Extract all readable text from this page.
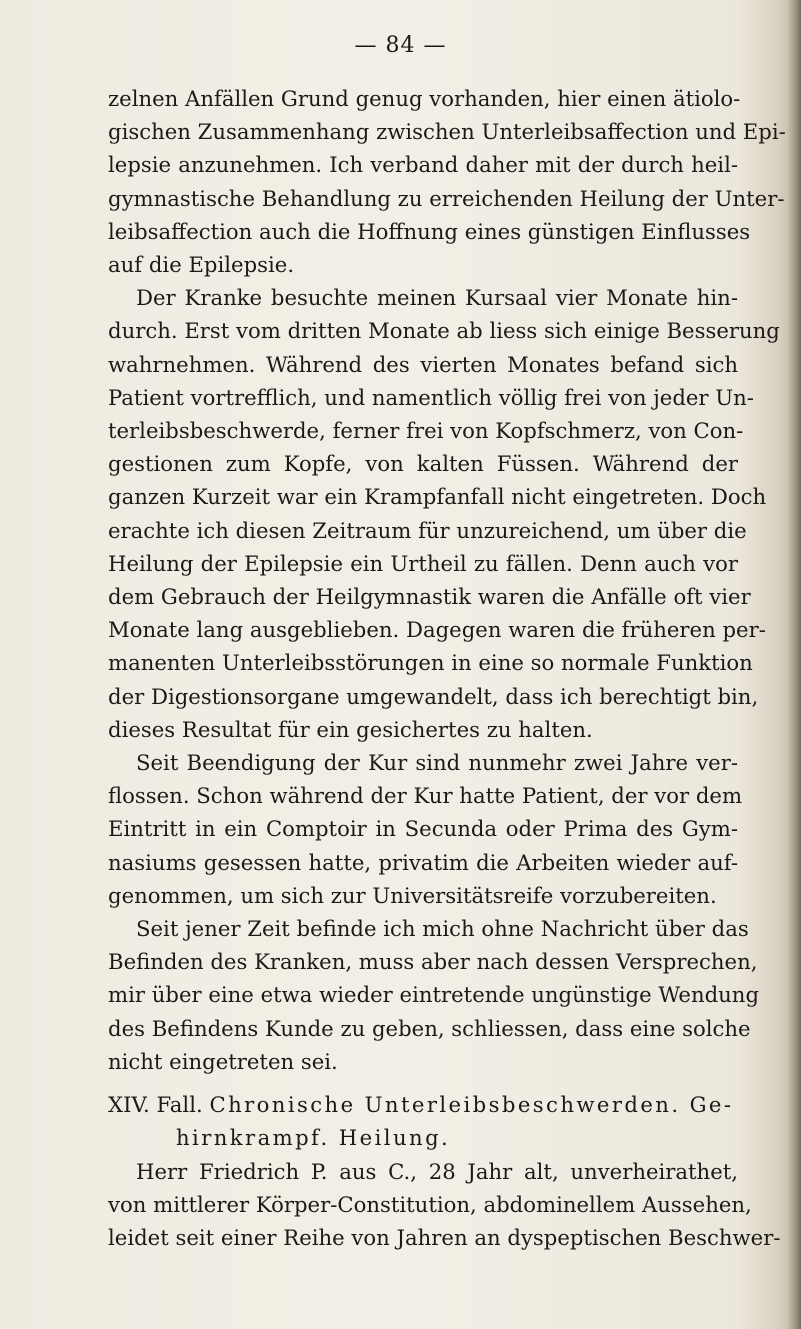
— 84 —
zelnen Anfällen Grund genug vorhanden, hier einen ätiolo-
gischen Zusammenhang zwischen Unterleibsaffection und Epi-
lepsie anzunehmen. Ich verband daher mit der durch heil-
gymnastische Behandlung zu erreichenden Heilung der Unter-
leibsaffection auch die Hoffnung eines günstigen Einflusses
auf die Epilepsie.
Der Kranke besuchte meinen Kursaal vier Monate hin-
durch. Erst vom dritten Monate ab liess sich einige Besserung
wahrnehmen. Während des vierten Monates befand sich
Patient vortrefflich, und namentlich völlig frei von jeder Un-
terleibsbeschwerde, ferner frei von Kopfschmerz, von Con-
gestionen zum Kopfe, von kalten Füssen. Während der
ganzen Kurzeit war ein Krampfanfall nicht eingetreten. Doch
erachte ich diesen Zeitraum für unzureichend, um über die
Heilung der Epilepsie ein Urtheil zu fällen. Denn auch vor
dem Gebrauch der Heilgymnastik waren die Anfälle oft vier
Monate lang ausgeblieben. Dagegen waren die früheren per-
manenten Unterleibsstörungen in eine so normale Funktion
der Digestionsorgane umgewandelt, dass ich berechtigt bin,
dieses Resultat für ein gesichertes zu halten.
Seit Beendigung der Kur sind nunmehr zwei Jahre ver-
flossen. Schon während der Kur hatte Patient, der vor dem
Eintritt in ein Comptoir in Secunda oder Prima des Gym-
nasiums gesessen hatte, privatim die Arbeiten wieder auf-
genommen, um sich zur Universitätsreife vorzubereiten.
Seit jener Zeit befinde ich mich ohne Nachricht über das
Befinden des Kranken, muss aber nach dessen Versprechen,
mir über eine etwa wieder eintretende ungünstige Wendung
des Befindens Kunde zu geben, schliessen, dass eine solche
nicht eingetreten sei.
XIV. Fall. Chronische Unterleibsbeschwerden. Ge-
hirnkrampf. Heilung.
Herr Friedrich P. aus C., 28 Jahr alt, unverheirathet,
von mittlerer Körper-Constitution, abdominellem Aussehen,
leidet seit einer Reihe von Jahren an dyspeptischen Beschwer-
